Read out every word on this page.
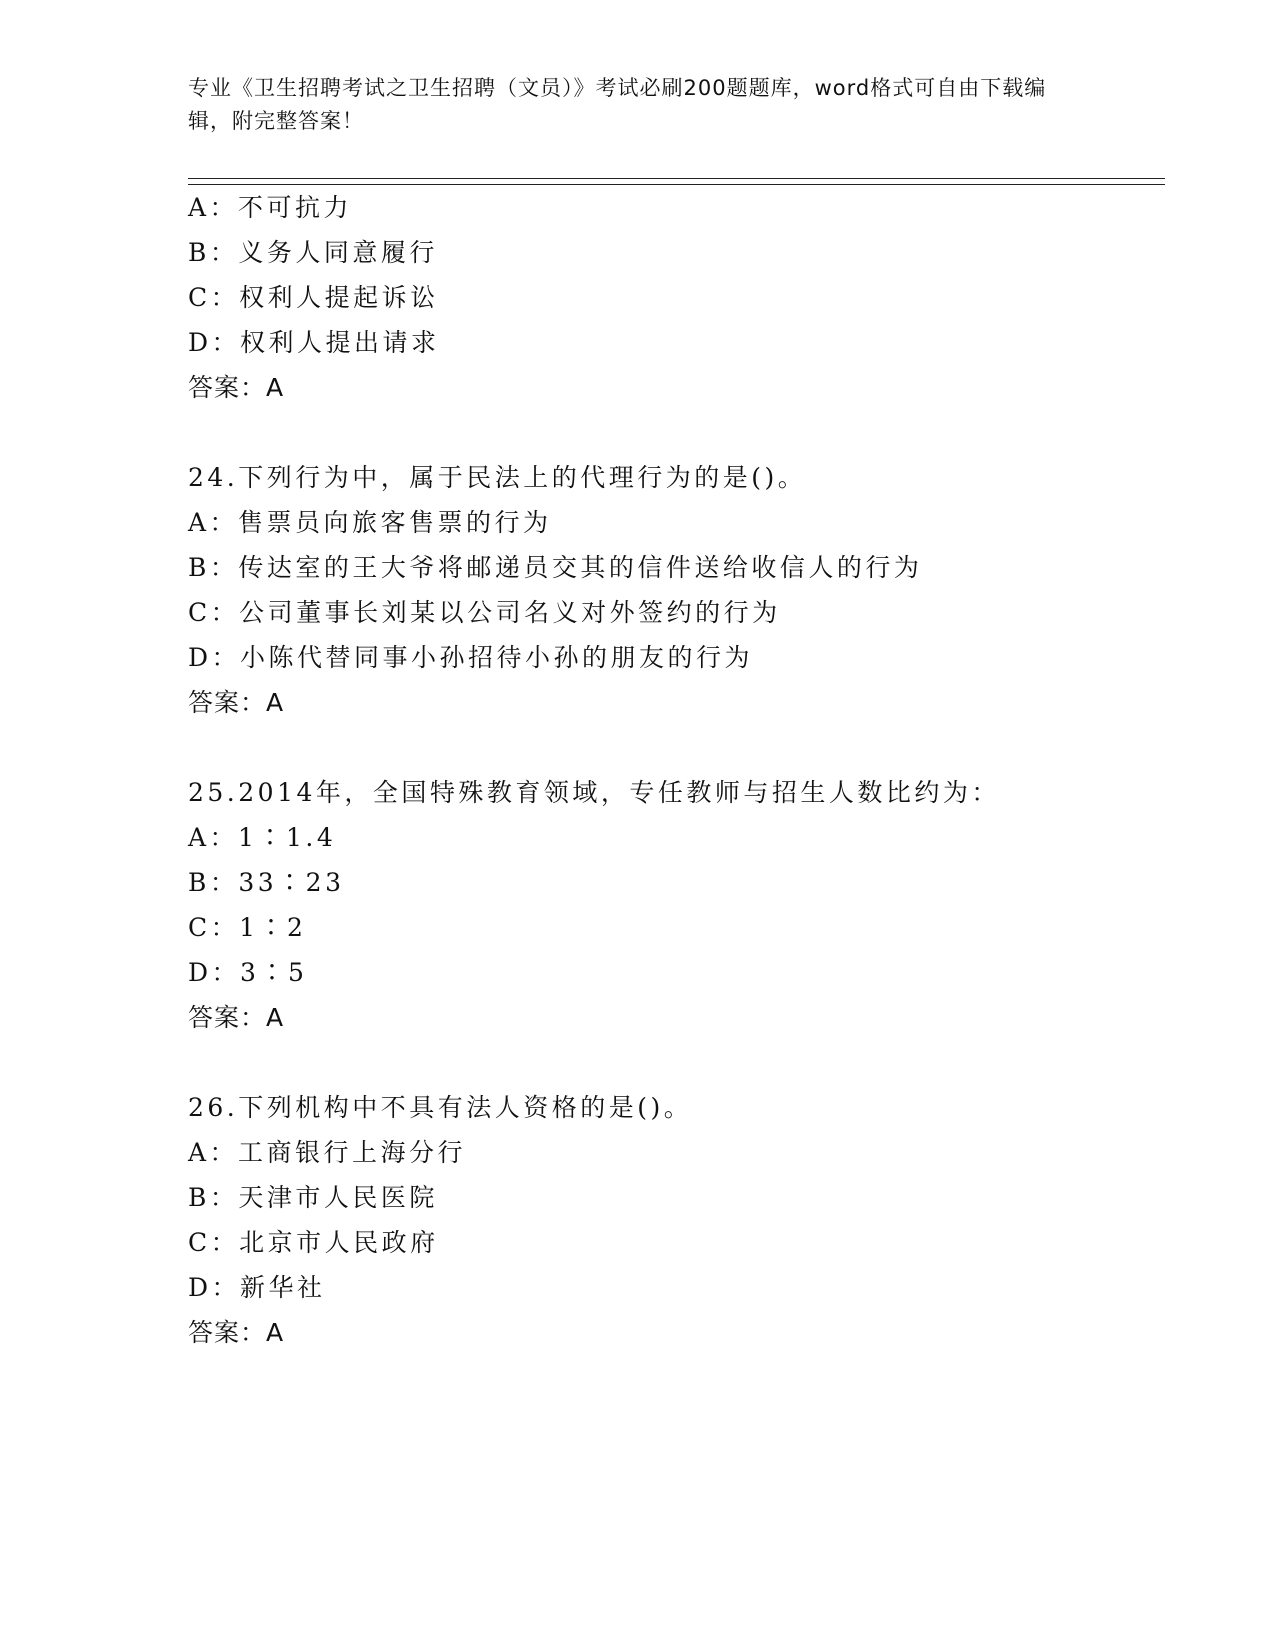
专业《卫生招聘考试之卫生招聘（文员）》考试必刷200题题库，word格式可自由下载编辑，附完整答案！
A：不可抗力
B：义务人同意履行
C：权利人提起诉讼
D：权利人提出请求
答案：A
24.下列行为中，属于民法上的代理行为的是()。
A：售票员向旅客售票的行为
B：传达室的王大爷将邮递员交其的信件送给收信人的行为
C：公司董事长刘某以公司名义对外签约的行为
D：小陈代替同事小孙招待小孙的朋友的行为
答案：A
25.2014年，全国特殊教育领域，专任教师与招生人数比约为：
A：1∶1.4
B：33∶23
C：1∶2
D：3∶5
答案：A
26.下列机构中不具有法人资格的是()。
A：工商银行上海分行
B：天津市人民医院
C：北京市人民政府
D：新华社
答案：A
